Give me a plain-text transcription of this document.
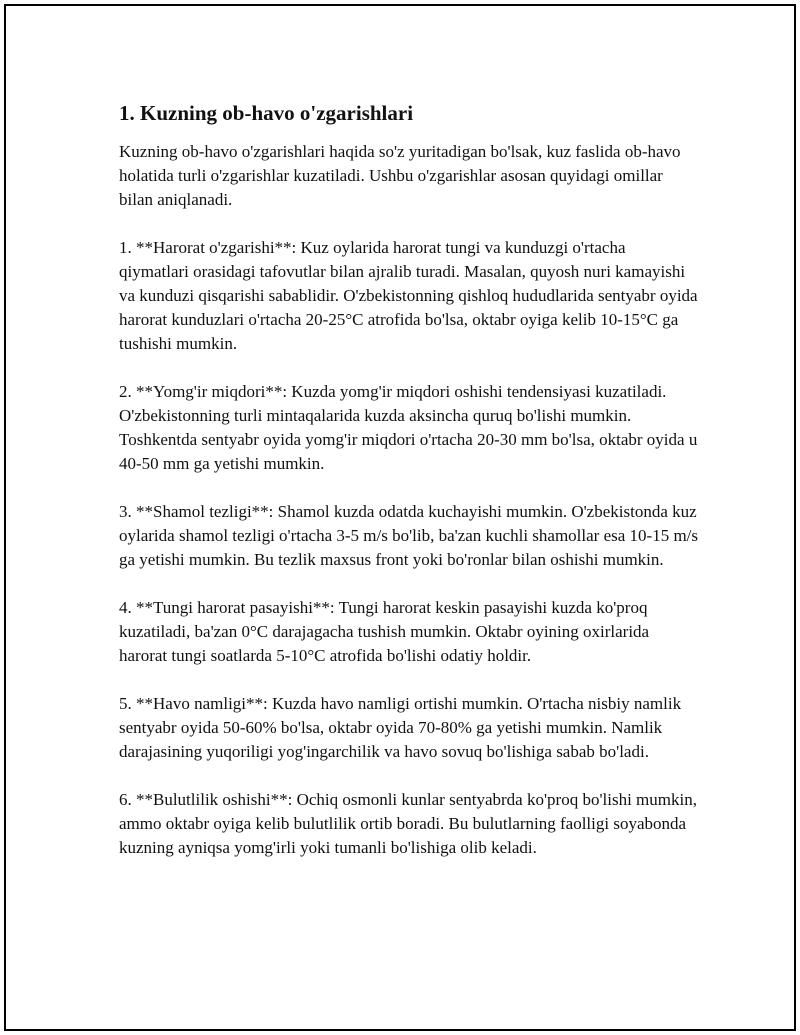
1. Kuzning ob-havo o'zgarishlari

Kuzning ob-havo o'zgarishlari haqida so'z yuritadigan bo'lsak, kuz faslida ob-havo holatida turli o'zgarishlar kuzatiladi. Ushbu o'zgarishlar asosan quyidagi omillar bilan aniqlanadi.

1. **Harorat o'zgarishi**: Kuz oylarida harorat tungi va kunduzgi o'rtacha qiymatlari orasidagi tafovutlar bilan ajralib turadi. Masalan, quyosh nuri kamayishi va kunduzi qisqarishi sabablidir. O'zbekistonning qishloq hududlarida sentyabr oyida harorat kunduzlari o'rtacha 20-25°C atrofida bo'lsa, oktabr oyiga kelib 10-15°C ga tushishi mumkin.

2. **Yomg'ir miqdori**: Kuzda yomg'ir miqdori oshishi tendensiyasi kuzatiladi. O'zbekistonning turli mintaqalarida kuzda aksincha quruq bo'lishi mumkin. Toshkentda sentyabr oyida yomg'ir miqdori o'rtacha 20-30 mm bo'lsa, oktabr oyida u 40-50 mm ga yetishi mumkin.

3. **Shamol tezligi**: Shamol kuzda odatda kuchayishi mumkin. O'zbekistonda kuz oylarida shamol tezligi o'rtacha 3-5 m/s bo'lib, ba'zan kuchli shamollar esa 10-15 m/s ga yetishi mumkin. Bu tezlik maxsus front yoki bo'ronlar bilan oshishi mumkin.

4. **Tungi harorat pasayishi**: Tungi harorat keskin pasayishi kuzda ko'proq kuzatiladi, ba'zan 0°C darajagacha tushish mumkin. Oktabr oyining oxirlarida harorat tungi soatlarda 5-10°C atrofida bo'lishi odatiy holdir.

5. **Havo namligi**: Kuzda havo namligi ortishi mumkin. O'rtacha nisbiy namlik sentyabr oyida 50-60% bo'lsa, oktabr oyida 70-80% ga yetishi mumkin. Namlik darajasining yuqoriligi yog'ingarchilik va havo sovuq bo'lishiga sabab bo'ladi.

6. **Bulutlilik oshishi**: Ochiq osmonli kunlar sentyabrda ko'proq bo'lishi mumkin, ammo oktabr oyiga kelib bulutlilik ortib boradi. Bu bulutlarning faolligi soyabonda kuzning ayniqsa yomg'irli yoki tumanli bo'lishiga olib keladi.
